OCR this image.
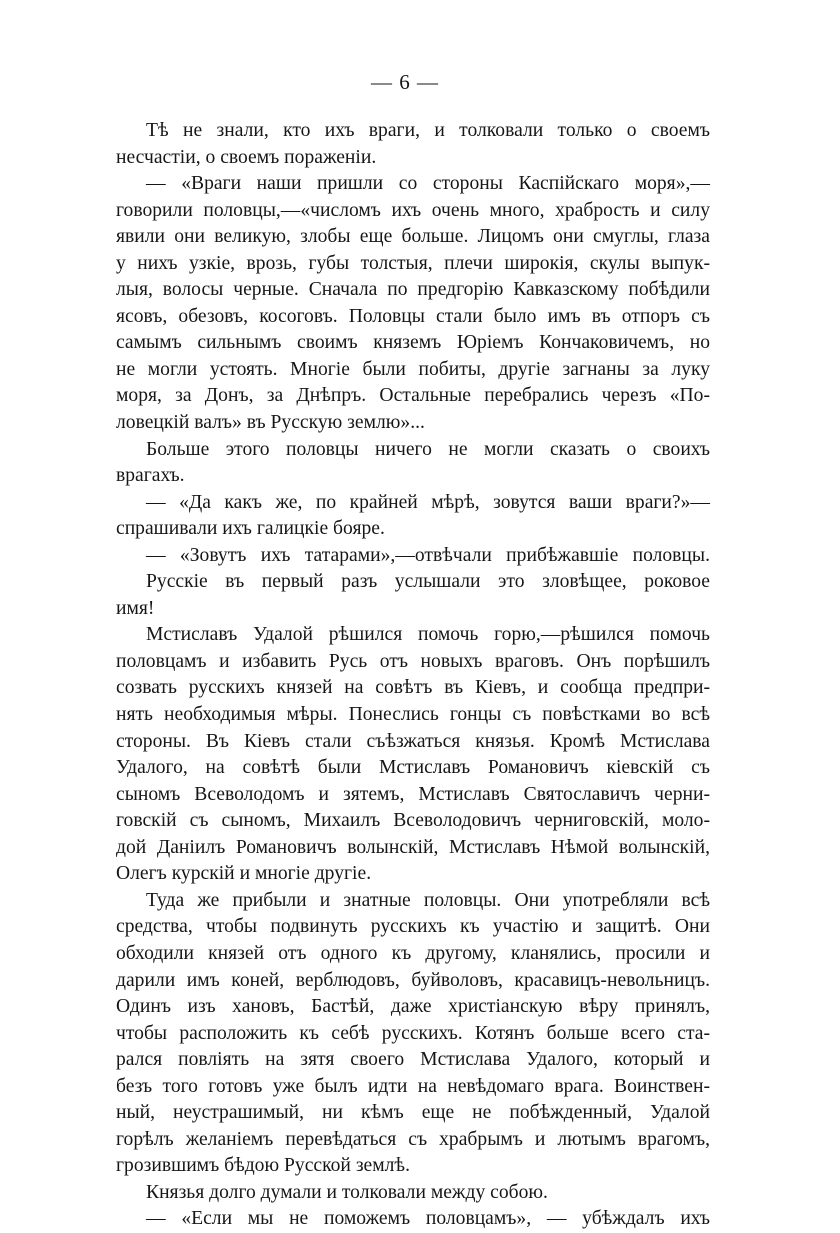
— 6 —
Тѣ не знали, кто ихъ враги, и толковали только о своемъ
несчастіи, о своемъ пораженіи.
— «Враги наши пришли со стороны Каспійскаго моря»,—
говорили половцы,—«числомъ ихъ очень много, храбрость и силу
явили они великую, злобы еще больше. Лицомъ они смуглы, глаза
у нихъ узкіе, врозь, губы толстыя, плечи широкія, скулы выпук-
лыя, волосы черные. Сначала по предгорію Кавказскому побѣдили
ясовъ, обезовъ, косоговъ. Половцы стали было имъ въ отпоръ съ
самымъ сильнымъ своимъ княземъ Юріемъ Кончаковичемъ, но
не могли устоять. Многіе были побиты, другіе загнаны за луку
моря, за Донъ, за Днѣпръ. Остальные перебрались черезъ «По-
ловецкій валъ» въ Русскую землю»...
Больше этого половцы ничего не могли сказать о своихъ
врагахъ.
— «Да какъ же, по крайней мѣрѣ, зовутся ваши враги?»—
спрашивали ихъ галицкіе бояре.
— «Зовутъ ихъ татарами»,—отвѣчали прибѣжавшіе половцы.
Русскіе въ первый разъ услышали это зловѣщее, роковое
имя!
Мстиславъ Удалой рѣшился помочь горю,—рѣшился помочь
половцамъ и избавить Русь отъ новыхъ враговъ. Онъ порѣшилъ
созвать русскихъ князей на совѣтъ въ Кіевъ, и сообща предпри-
нять необходимыя мѣры. Понеслись гонцы съ повѣстками во всѣ
стороны. Въ Кіевъ стали съѣзжаться князья. Кромѣ Мстислава
Удалого, на совѣтѣ были Мстиславъ Романовичъ кіевскій съ
сыномъ Всеволодомъ и зятемъ, Мстиславъ Святославичъ черни-
говскій съ сыномъ, Михаилъ Всеволодовичъ черниговскій, моло-
дой Даніилъ Романовичъ волынскій, Мстиславъ Нѣмой волынскій,
Олегъ курскій и многіе другіе.
Туда же прибыли и знатные половцы. Они употребляли всѣ
средства, чтобы подвинуть русскихъ къ участію и защитѣ. Они
обходили князей отъ одного къ другому, кланялись, просили и
дарили имъ коней, верблюдовъ, буйволовъ, красавицъ-невольницъ.
Одинъ изъ хановъ, Бастѣй, даже христіанскую вѣру принялъ,
чтобы расположить къ себѣ русскихъ. Котянъ больше всего ста-
рался повліять на зятя своего Мстислава Удалого, который и
безъ того готовъ уже былъ идти на невѣдомаго врага. Воинствен-
ный, неустрашимый, ни кѣмъ еще не побѣжденный, Удалой
горѣлъ желаніемъ перевѣдаться съ храбрымъ и лютымъ врагомъ,
грозившимъ бѣдою Русской землѣ.
Князья долго думали и толковали между собою.
— «Если мы не поможемъ половцамъ», — убѣждалъ ихъ
